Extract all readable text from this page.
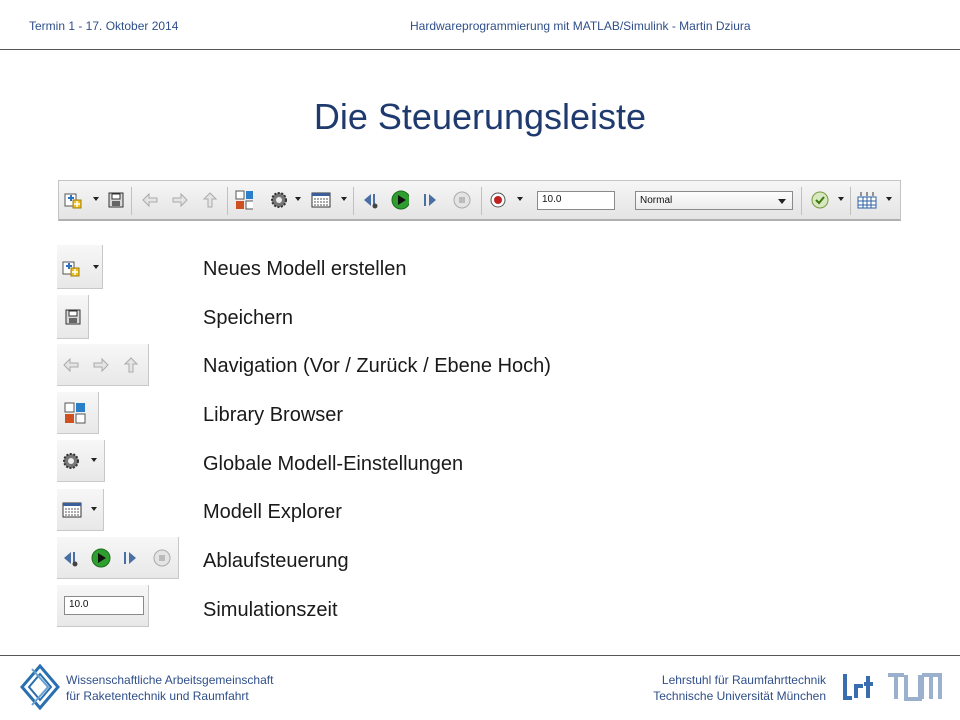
Termin 1 - 17. Oktober 2014	Hardwareprogrammierung mit MATLAB/Simulink - Martin Dziura
Die Steuerungsleiste
10.0	Normal
Neues Modell erstellen
Speichern
Navigation (Vor / Zurück / Ebene Hoch)
Library Browser
Globale Modell-Einstellungen
Modell Explorer
Ablaufsteuerung
10.0	Simulationszeit
Wissenschaftliche Arbeitsgemeinschaft
für Raketentechnik und Raumfahrt
Lehrstuhl für Raumfahrttechnik
Technische Universität München
